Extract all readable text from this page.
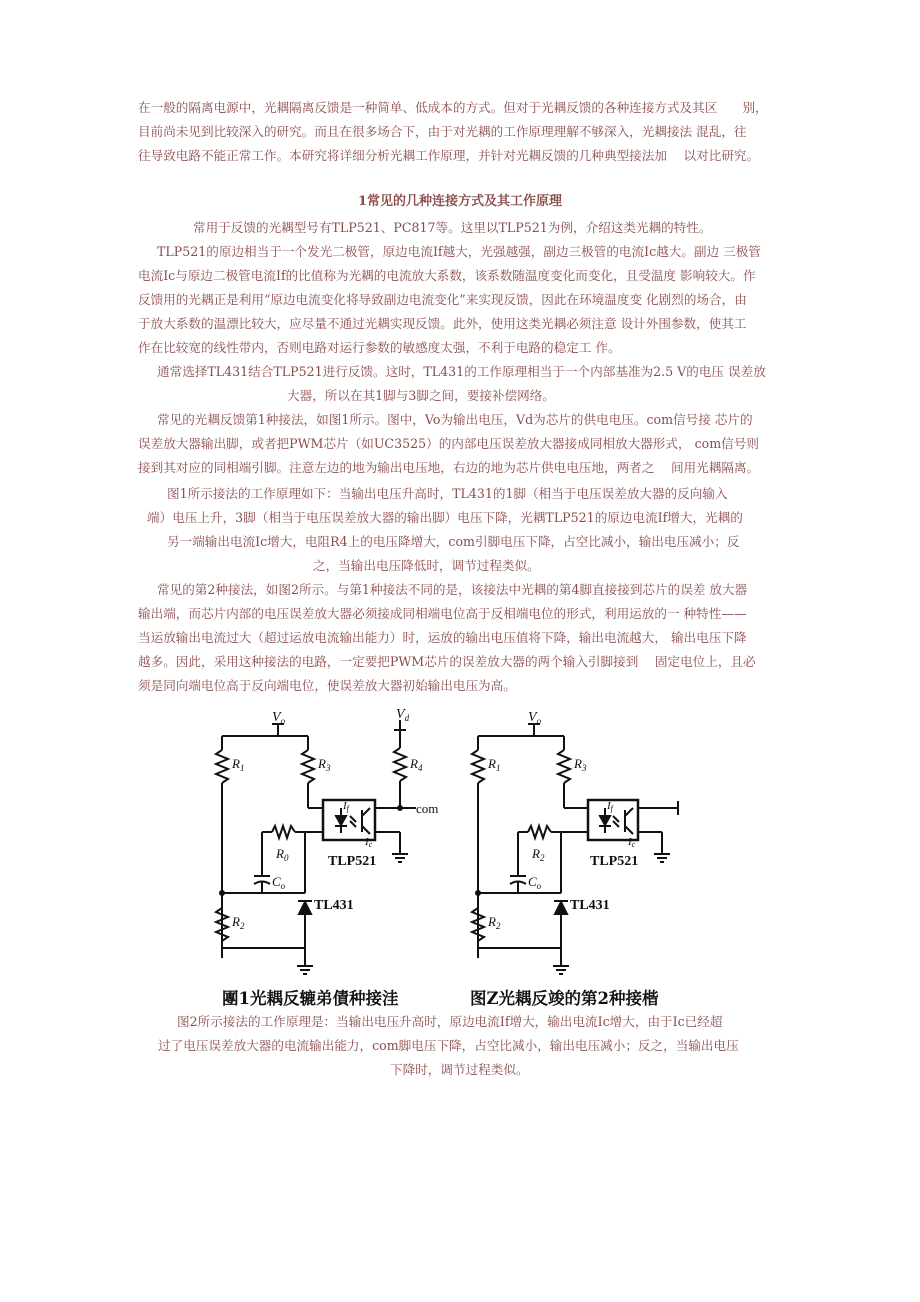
在一般的隔离电源中，光耦隔离反馈是一种简单、低成本的方式。但对于光耦反馈的各种连接方式及其区　　别，
目前尚未见到比较深入的研究。而且在很多场合下，由于对光耦的工作原理理解不够深入，光耦接法 混乱，往
往导致电路不能正常工作。本研究将详细分析光耦工作原理，并针对光耦反馈的几种典型接法加　 以对比研究。
1常见的几种连接方式及其工作原理
常用于反馈的光耦型号有TLP521、PC817等。这里以TLP521为例，介绍这类光耦的特性。
TLP521的原边相当于一个发光二极管，原边电流If越大，光强越强，副边三极管的电流Ic越大。副边 三极管
电流Ic与原边二极管电流If的比值称为光耦的电流放大系数，该系数随温度变化而变化，且受温度 影响较大。作
反馈用的光耦正是利用“原边电流变化将导致副边电流变化”来实现反馈，因此在环境温度变 化剧烈的场合，由
于放大系数的温漂比较大，应尽量不通过光耦实现反馈。此外，使用这类光耦必须注意 设计外围参数，使其工
作在比较宽的线性带内，否则电路对运行参数的敏感度太强，不利于电路的稳定工 作。
通常选择TL431结合TLP521进行反馈。这时，TL431的工作原理相当于一个内部基准为2.5 V的电压 误差放
大器，所以在其1脚与3脚之间，要接补偿网络。
常见的光耦反馈第1种接法，如图1所示。图中，Vo为输出电压，Vd为芯片的供电电压。com信号接 芯片的
误差放大器输出脚，或者把PWM芯片（如UC3525）的内部电压误差放大器接成同相放大器形式， com信号则
接到其对应的同相端引脚。注意左边的地为输出电压地，右边的地为芯片供电电压地，两者之　 间用光耦隔离。
图1所示接法的工作原理如下：当输出电压升高时，TL431的1脚（相当于电压误差放大器的反向输入
端）电压上升，3脚（相当于电压误差放大器的输出脚）电压下降，光耦TLP521的原边电流If增大，光耦的
另一端输出电流Ic增大，电阻R4上的电压降增大，com引脚电压下降，占空比减小，输出电压减小；反
之，当输出电压降低时，调节过程类似。
常见的第2种接法，如图2所示。与第1种接法不同的是，该接法中光耦的第4脚直接接到芯片的误差 放大器
输出端，而芯片内部的电压误差放大器必须接成同相端电位高于反相端电位的形式，利用运放的一 种特性——
当运放输出电流过大（超过运放电流输出能力）时，运放的输出电压值将下降，输出电流越大， 输出电压下降
越多。因此，采用这种接法的电路，一定要把PWM芯片的误差放大器的两个输入引脚接到　 固定电位上，且必
须是同向端电位高于反向端电位，使误差放大器初始输出电压为高。
$V_o$
$R_1$	$R_3$
$V_d$
$R_4$
If
Ic
com
TLP521
$R_0$
$C_o$
TL431
$R_2$
$V_o$
$R_1$	$R_3$
If
Ic
TLP521
$R_2$
$C_o$
TL431
$R_2$
團1光耦反辘弟債种接洼	图Z光耦反竣的第2种接楷
图2所示接法的工作原理是：当输出电压升高时，原边电流If增大，输出电流Ic增大，由于Ic已经超
过了电压误差放大器的电流输出能力，com脚电压下降，占空比减小，输出电压减小；反之，当输出电压
下降时，调节过程类似。
